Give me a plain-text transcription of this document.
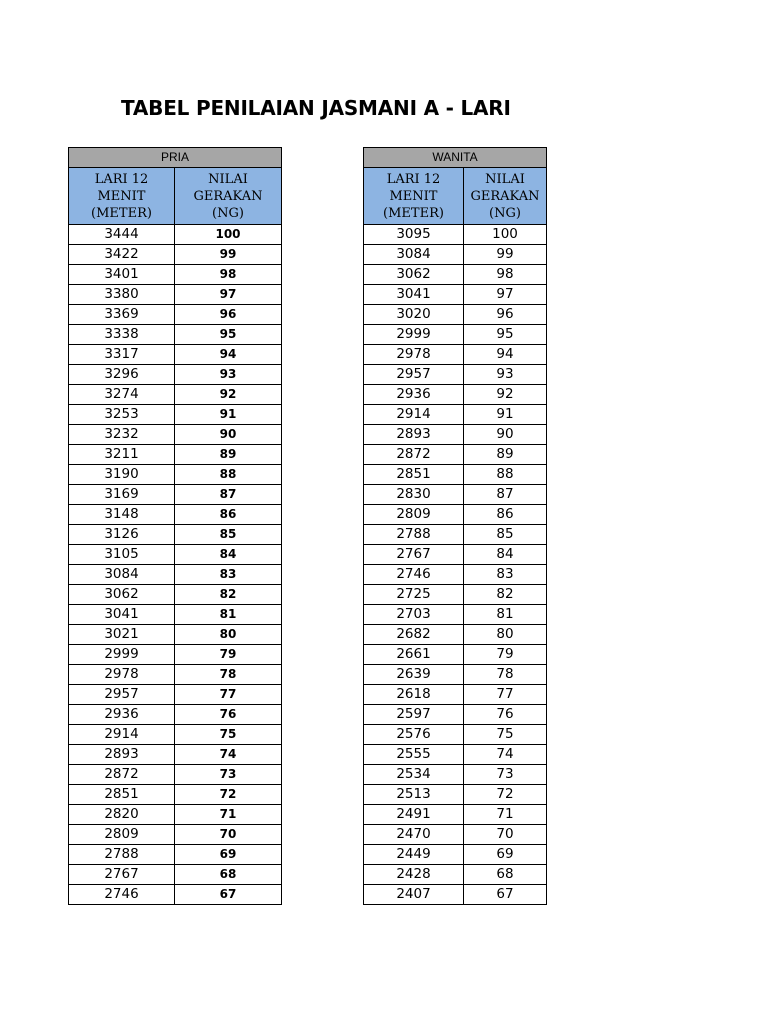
TABEL PENILAIAN JASMANI A - LARI
PRIA	

LARI 12
MENIT
(METER)	NILAI
GERAKAN
(NG)

3444	100
3422	99
3401	98
3380	97
3369	96
3338	95
3317	94
3296	93
3274	92
3253	91
3232	90
3211	89
3190	88
3169	87
3148	86
3126	85
3105	84
3084	83
3062	82
3041	81
3021	80
2999	79
2978	78
2957	77
2936	76
2914	75
2893	74
2872	73
2851	72
2820	71
2809	70
2788	69
2767	68
2746	67
WANITA	

LARI 12
MENIT
(METER)	NILAI
GERAKAN
(NG)

3095	100
3084	99
3062	98
3041	97
3020	96
2999	95
2978	94
2957	93
2936	92
2914	91
2893	90
2872	89
2851	88
2830	87
2809	86
2788	85
2767	84
2746	83
2725	82
2703	81
2682	80
2661	79
2639	78
2618	77
2597	76
2576	75
2555	74
2534	73
2513	72
2491	71
2470	70
2449	69
2428	68
2407	67
